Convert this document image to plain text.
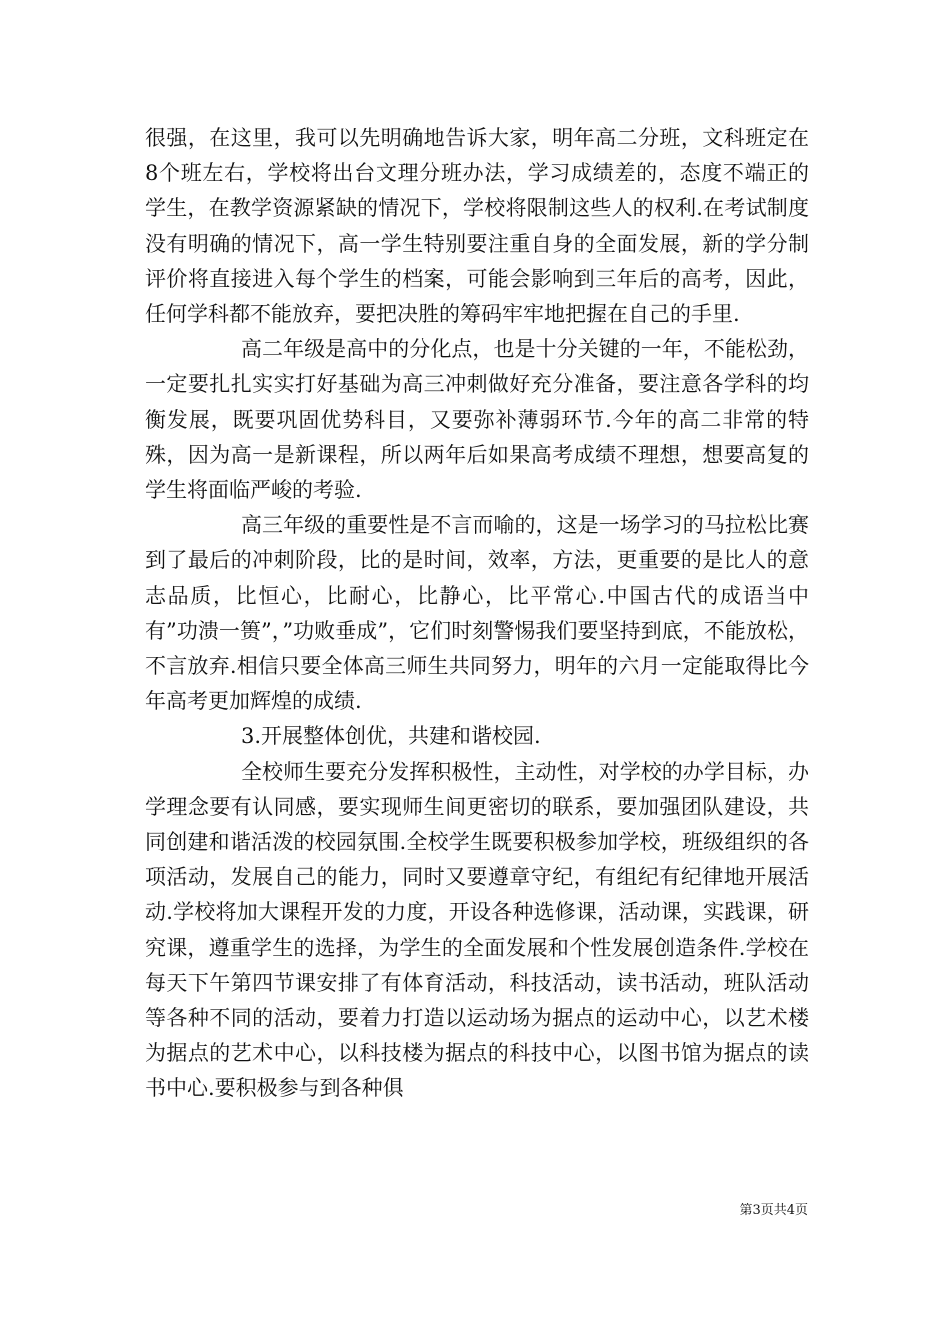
很强，在这里，我可以先明确地告诉大家，明年高二分班，文科班定在8个班左右，学校将出台文理分班办法，学习成绩差的，态度不端正的学生，在教学资源紧缺的情况下，学校将限制这些人的权利.在考试制度没有明确的情况下，高一学生特别要注重自身的全面发展，新的学分制评价将直接进入每个学生的档案，可能会影响到三年后的高考，因此，任何学科都不能放弃，要把决胜的筹码牢牢地把握在自己的手里.

高二年级是高中的分化点，也是十分关键的一年，不能松劲，一定要扎扎实实打好基础为高三冲刺做好充分准备，要注意各学科的均衡发展，既要巩固优势科目，又要弥补薄弱环节.今年的高二非常的特殊，因为高一是新课程，所以两年后如果高考成绩不理想，想要高复的学生将面临严峻的考验.

高三年级的重要性是不言而喻的，这是一场学习的马拉松比赛到了最后的冲刺阶段，比的是时间，效率，方法，更重要的是比人的意志品质，比恒心，比耐心，比静心，比平常心.中国古代的成语当中有”功溃一篑”，”功败垂成”，它们时刻警惕我们要坚持到底，不能放松，不言放弃.相信只要全体高三师生共同努力，明年的六月一定能取得比今年高考更加辉煌的成绩.

3.开展整体创优，共建和谐校园.

全校师生要充分发挥积极性，主动性，对学校的办学目标，办学理念要有认同感，要实现师生间更密切的联系，要加强团队建设，共同创建和谐活泼的校园氛围.全校学生既要积极参加学校，班级组织的各项活动，发展自己的能力，同时又要遵章守纪，有组纪有纪律地开展活动.学校将加大课程开发的力度，开设各种选修课，活动课，实践课，研究课，遵重学生的选择，为学生的全面发展和个性发展创造条件.学校在每天下午第四节课安排了有体育活动，科技活动，读书活动，班队活动等各种不同的活动，要着力打造以运动场为据点的运动中心，以艺术楼为据点的艺术中心，以科技楼为据点的科技中心，以图书馆为据点的读书中心.要积极参与到各种俱

第3页共4页
